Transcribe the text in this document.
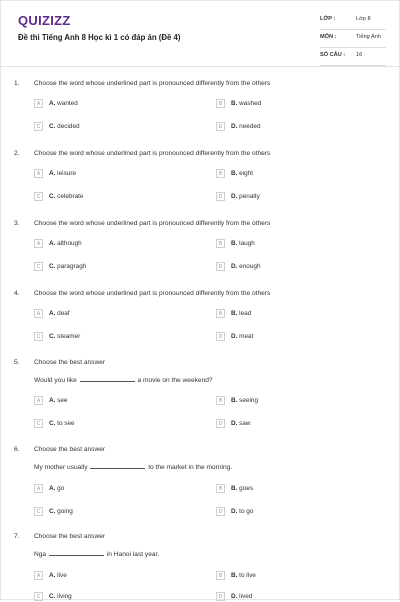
QUIZIZZ
Đề thi Tiếng Anh 8 Học kì 1 có đáp án (Đề 4)
LỚP :	Lớp 8
MÔN :	Tiếng Anh
SỐ CÂU : 16
1. Choose the word whose underlined part is pronounced differently from the others
A	A. wanted	B	B. washed
C	C. decided	D	D. needed
2. Choose the word whose underlined part is pronounced differently from the others
A	A. leisure	B	B. eight
C	C. celebrate	D	D. penalty
3. Choose the word whose underlined part is pronounced differently from the others
A	A. although	B	B. laugh
C	C. paragragh	D	D. enough
4. Choose the word whose underlined part is pronounced differently from the others
A	A. deaf	B	B. lead
C	C. steamer	D	D. meat
5. Choose the best answer
Would you like	a movie on the weekend?
A	A. see	B	B. seeing
C	C. to see	D	D. saw
6. Choose the best answer
My mother usually	to the market in the morning.
A	A. go	B	B. goes
C	C. going	D	D. to go
7. Choose the best answer
Nga	in Hanoi last year.
A	A. live	B	B. to live
C	C. living	D	D. lived
